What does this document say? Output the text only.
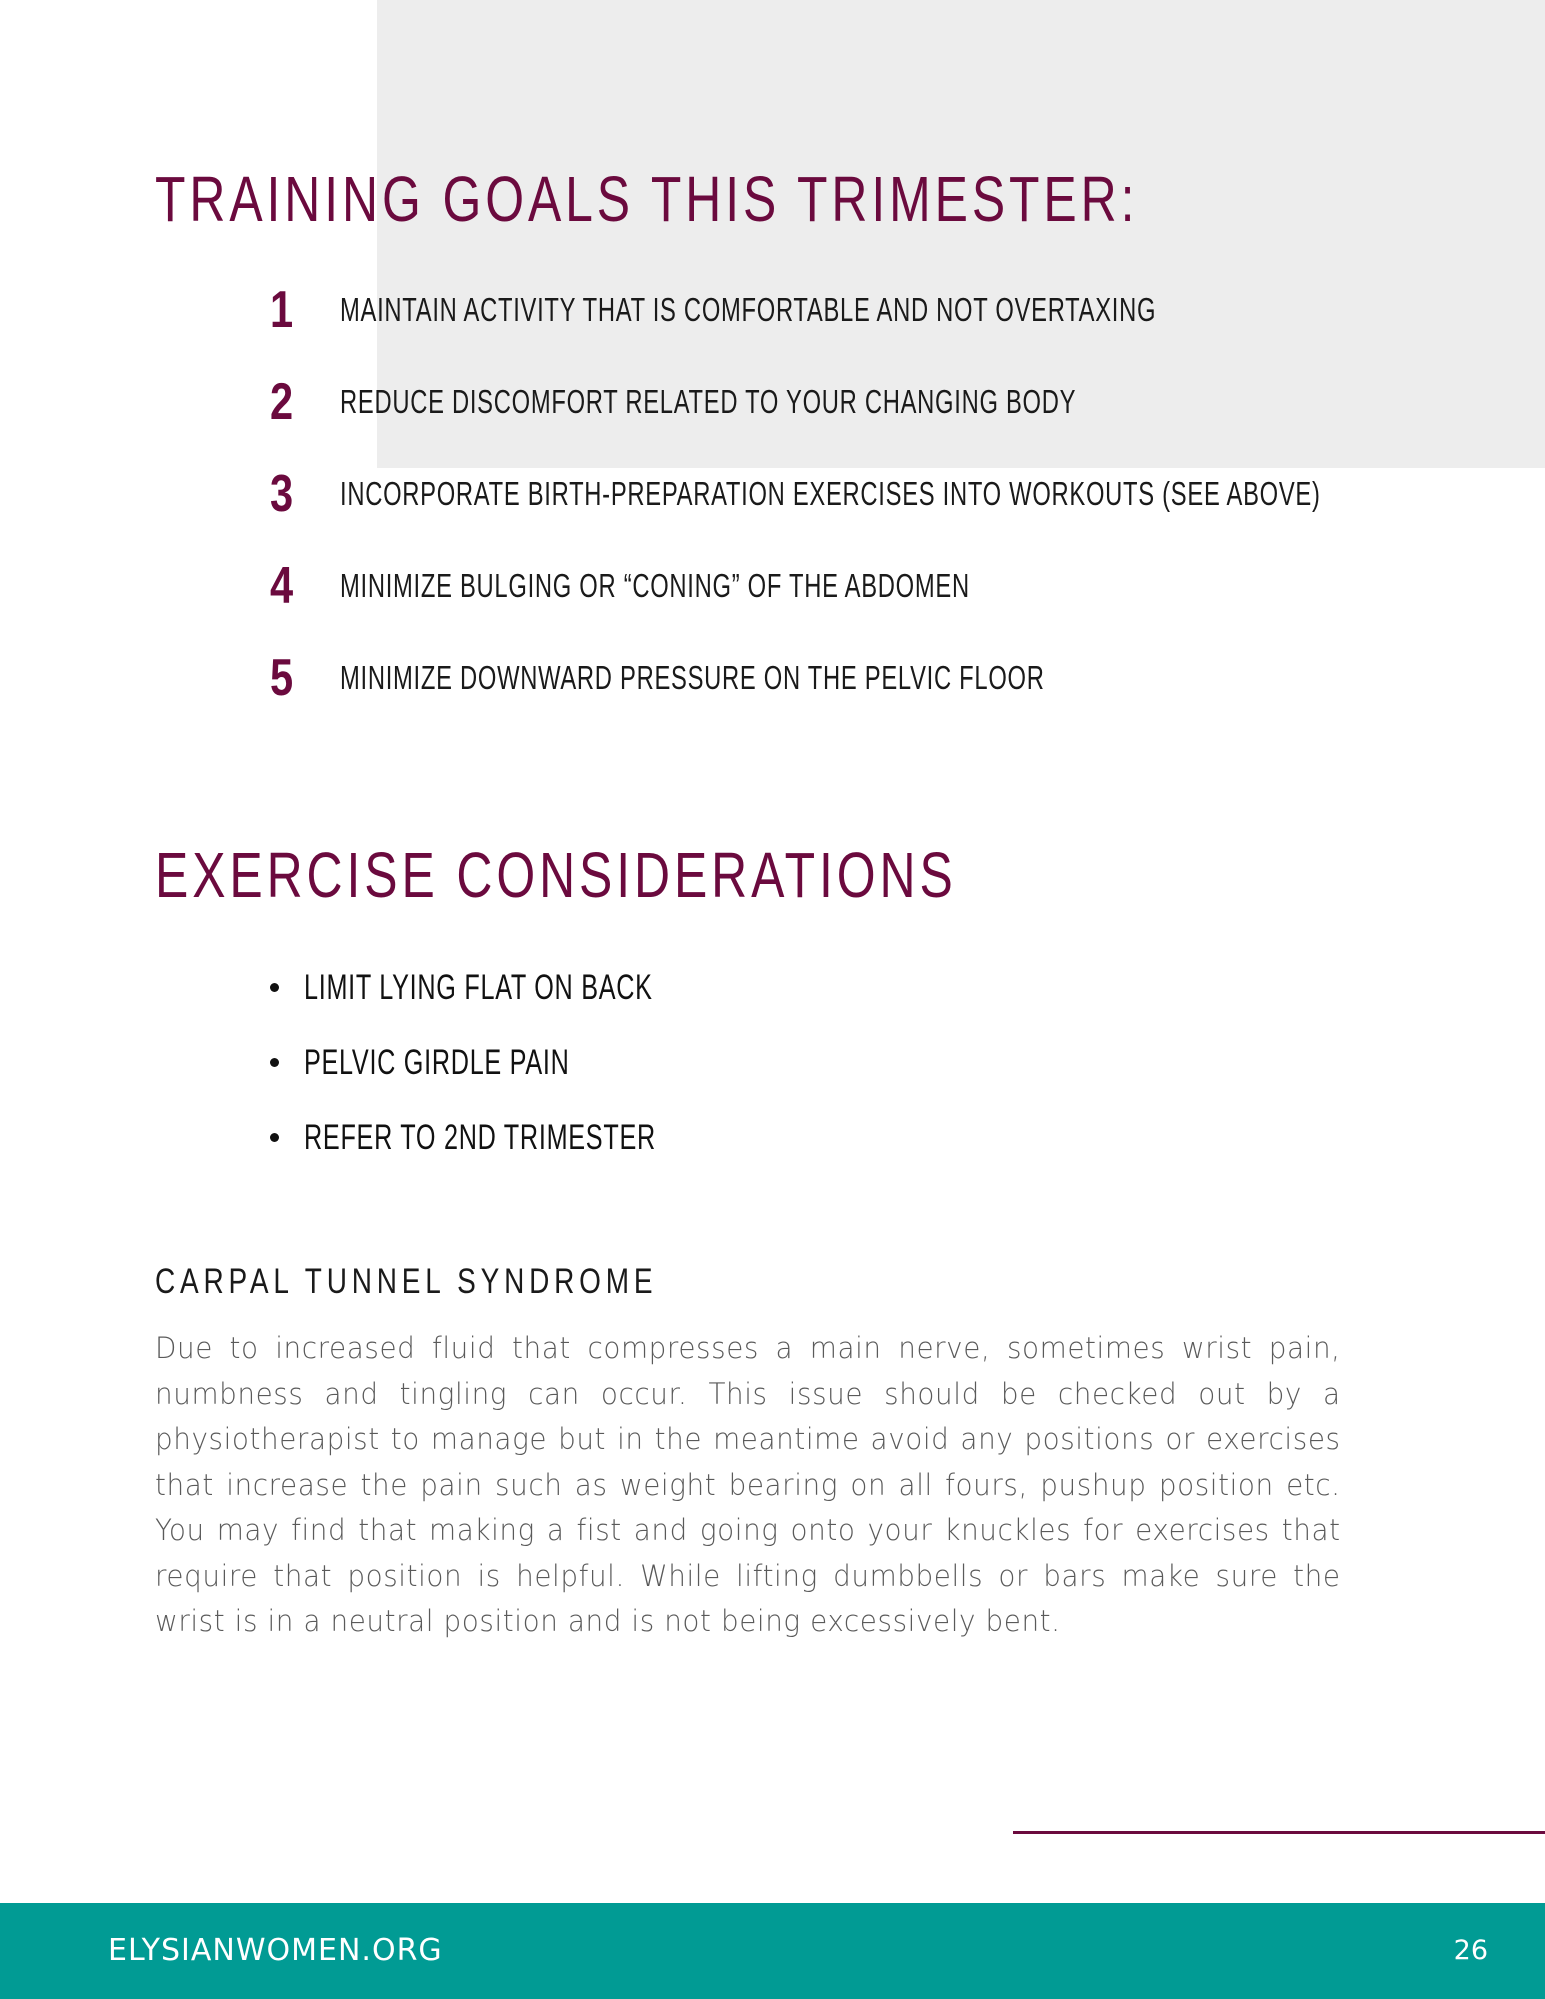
TRAINING GOALS THIS TRIMESTER:
1	MAINTAIN ACTIVITY THAT IS COMFORTABLE AND NOT OVERTAXING
2	REDUCE DISCOMFORT RELATED TO YOUR CHANGING BODY
3	INCORPORATE BIRTH-PREPARATION EXERCISES INTO WORKOUTS (SEE ABOVE)
4	MINIMIZE BULGING OR “CONING” OF THE ABDOMEN
5	MINIMIZE DOWNWARD PRESSURE ON THE PELVIC FLOOR
EXERCISE CONSIDERATIONS
LIMIT LYING FLAT ON BACK
PELVIC GIRDLE PAIN
REFER TO 2ND TRIMESTER
CARPAL TUNNEL SYNDROME

Due to increased fluid that compresses a main nerve, sometimes wrist pain, numbness and tingling can occur. This issue should be checked out by a physiotherapist to manage but in the meantime avoid any positions or exercises that increase the pain such as weight bearing on all fours, pushup position etc. You may find that making a fist and going onto your knuckles for exercises that require that position is helpful. While lifting dumbbells or bars make sure the wrist is in a neutral position and is not being excessively bent.

ELYSIANWOMEN.ORG	26
